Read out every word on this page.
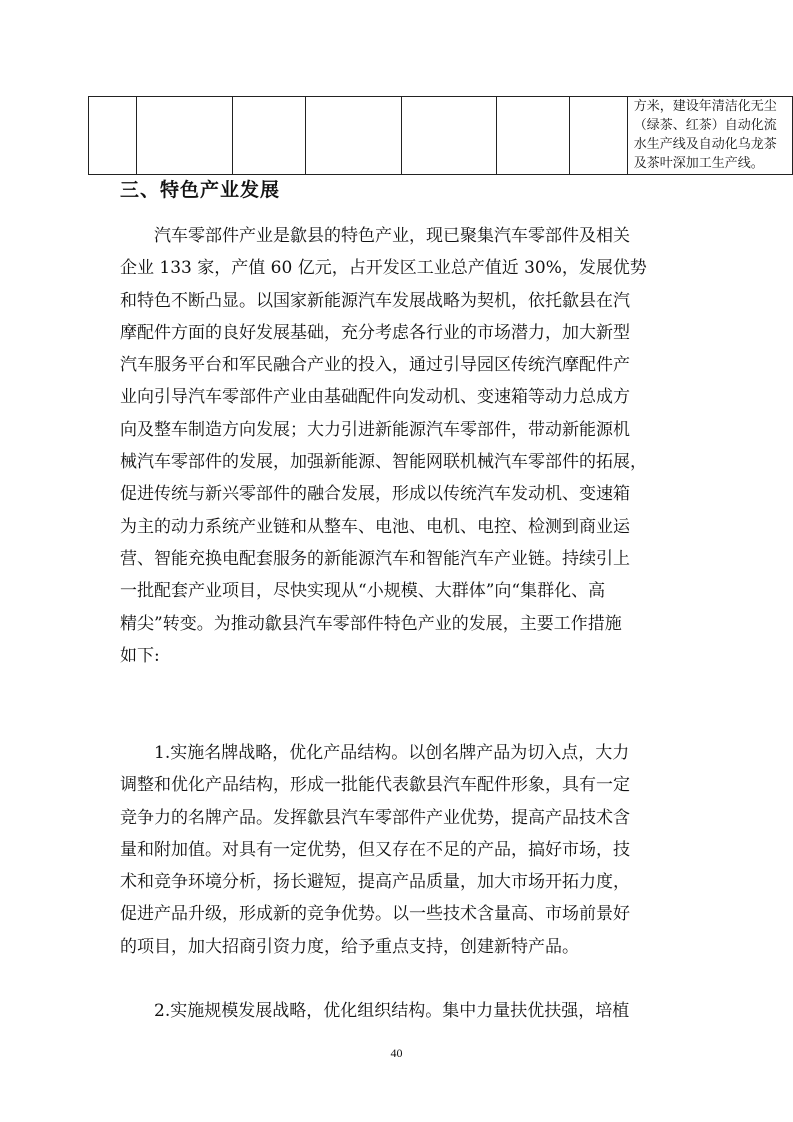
方米，建设年清洁化无尘
（绿茶、红茶）自动化流
水生产线及自动化乌龙茶
及茶叶深加工生产线。
三、特色产业发展

汽车零部件产业是歙县的特色产业，现已聚集汽车零部件及相关
企业 133 家，产值 60 亿元，占开发区工业总产值近 30%，发展优势
和特色不断凸显。以国家新能源汽车发展战略为契机，依托歙县在汽
摩配件方面的良好发展基础，充分考虑各行业的市场潜力，加大新型
汽车服务平台和军民融合产业的投入，通过引导园区传统汽摩配件产
业向引导汽车零部件产业由基础配件向发动机、变速箱等动力总成方
向及整车制造方向发展；大力引进新能源汽车零部件，带动新能源机
械汽车零部件的发展，加强新能源、智能网联机械汽车零部件的拓展，
促进传统与新兴零部件的融合发展，形成以传统汽车发动机、变速箱
为主的动力系统产业链和从整车、电池、电机、电控、检测到商业运
营、智能充换电配套服务的新能源汽车和智能汽车产业链。持续引上
一批配套产业项目，尽快实现从“小规模、大群体”向“集群化、高
精尖”转变。为推动歙县汽车零部件特色产业的发展，主要工作措施
如下:

1.实施名牌战略，优化产品结构。以创名牌产品为切入点，大力
调整和优化产品结构，形成一批能代表歙县汽车配件形象，具有一定
竞争力的名牌产品。发挥歙县汽车零部件产业优势，提高产品技术含
量和附加值。对具有一定优势，但又存在不足的产品，搞好市场，技
术和竞争环境分析，扬长避短，提高产品质量，加大市场开拓力度，
促进产品升级，形成新的竞争优势。以一些技术含量高、市场前景好
的项目，加大招商引资力度，给予重点支持，创建新特产品。

2.实施规模发展战略，优化组织结构。集中力量扶优扶强，培植

40
